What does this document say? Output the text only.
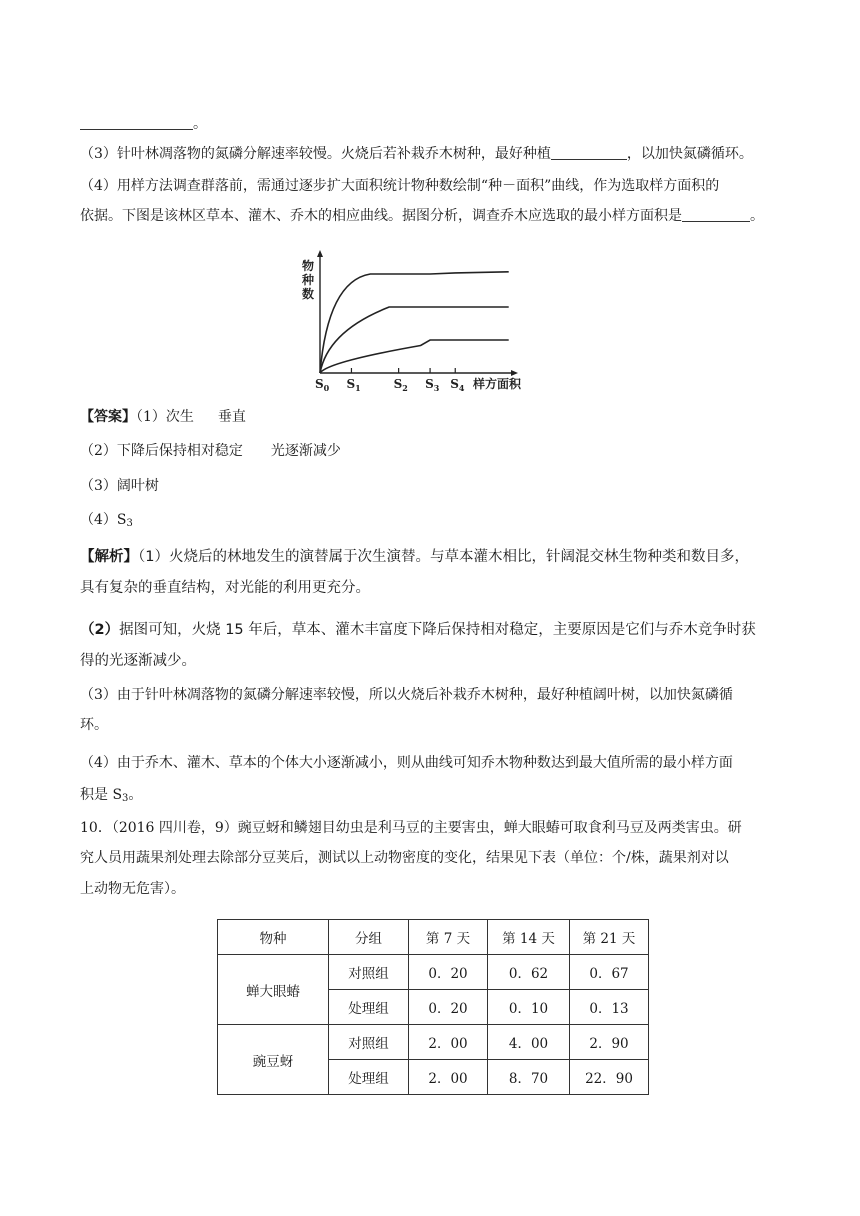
。

（3）针叶林凋落物的氮磷分解速率较慢。火烧后若补栽乔木树种，最好种植	，以加快氮磷循环。

（4）用样方法调查群落前，需通过逐步扩大面积统计物种数绘制“种－面积”曲线，作为选取样方面积的

依据。下图是该林区草本、灌木、乔木的相应曲线。据图分析，调查乔木应选取的最小样方面积是	。

$S_0$ $S_1$	$S_2$ $S_3$ $S_4$
物种数
样方面积

【答案】（1）次生 垂直

（2）下降后保持相对稳定 光逐渐减少

（3）阔叶树

$(4)S_3$

【解析】（1）火烧后的林地发生的演替属于次生演替。与草本灌木相比，针阔混交林生物种类和数目多，

具有复杂的垂直结构，对光能的利用更充分。

（2）据图可知，火烧 15 年后，草本、灌木丰富度下降后保持相对稳定，主要原因是它们与乔木竞争时获

得的光逐渐减少。

（3）由于针叶林凋落物的氮磷分解速率较慢，所以火烧后补栽乔木树种，最好种植阔叶树，以加快氮磷循

环。

（4）由于乔木、灌木、草本的个体大小逐渐减小，则从曲线可知乔木物种数达到最大值所需的最小样方面

积是 $S_3$。

10．（2016 四川卷，9）豌豆蚜和鳞翅目幼虫是利马豆的主要害虫，蝉大眼蝽可取食利马豆及两类害虫。研

究人员用蔬果剂处理去除部分豆荚后，测试以上动物密度的变化，结果见下表（单位：个/株，蔬果剂对以

上动物无危害）。

物种	分组	第 7 天	第 14 天	第 21 天
蝉大眼蝽	对照组	0．20	0．62	0．67
	处理组	0．20	0．10	0．13
豌豆蚜	对照组	2．00	4．00	2．90
	处理组	2．00	8．70	22．90
